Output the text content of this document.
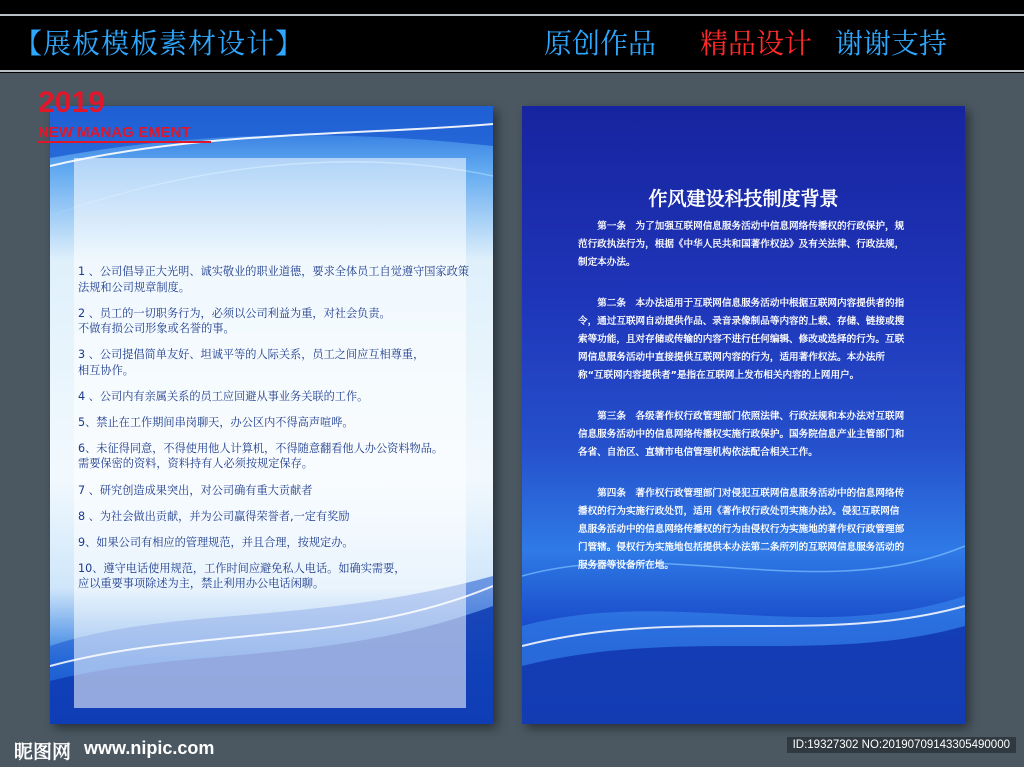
【展板模板素材设计】	原创作品 精品设计 谢谢支持
2019
NEW MANAG EMENT

1 、公司倡导正大光明、诚实敬业的职业道德，要求全体员工自觉遵守国家政策
法规和公司规章制度。

2 、员工的一切职务行为，必须以公司利益为重，对社会负责。
不做有损公司形象或名誉的事。

3 、公司提倡简单友好、坦诚平等的人际关系，员工之间应互相尊重，
相互协作。

4 、公司内有亲属关系的员工应回避从事业务关联的工作。

5、禁止在工作期间串岗聊天，办公区内不得高声喧哗。

6、未征得同意，不得使用他人计算机，不得随意翻看他人办公资料物品。
需要保密的资料，资料持有人必须按规定保存。

7 、研究创造成果突出，对公司确有重大贡献者

8 、为社会做出贡献，并为公司赢得荣誉者,一定有奖励

9、如果公司有相应的管理规范，并且合理，按规定办。

10、遵守电话使用规范，工作时间应避免私人电话。如确实需要，
应以重要事项除述为主，禁止利用办公电话闲聊。

作风建设科技制度背景

第一条　为了加强互联网信息服务活动中信息网络传播权的行政保护，规范行政执法行为，根据《中华人民共和国著作权法》及有关法律、行政法规，制定本办法。

第二条　本办法适用于互联网信息服务活动中根据互联网内容提供者的指令，通过互联网自动提供作品、录音录像制品等内容的上载、存储、链接或搜索等功能，且对存储或传输的内容不进行任何编辑、修改或选择的行为。互联网信息服务活动中直接提供互联网内容的行为，适用著作权法。本办法所称“互联网内容提供者”是指在互联网上发布相关内容的上网用户。

第三条　各级著作权行政管理部门依照法律、行政法规和本办法对互联网信息服务活动中的信息网络传播权实施行政保护。国务院信息产业主管部门和各省、自治区、直辖市电信管理机构依法配合相关工作。

第四条　著作权行政管理部门对侵犯互联网信息服务活动中的信息网络传播权的行为实施行政处罚，适用《著作权行政处罚实施办法》。侵犯互联网信息服务活动中的信息网络传播权的行为由侵权行为实施地的著作权行政管理部门管辖。侵权行为实施地包括提供本办法第二条所列的互联网信息服务活动的服务器等设备所在地。

昵图网 www.nipic.com	ID:19327302 NO:20190709143305490000
